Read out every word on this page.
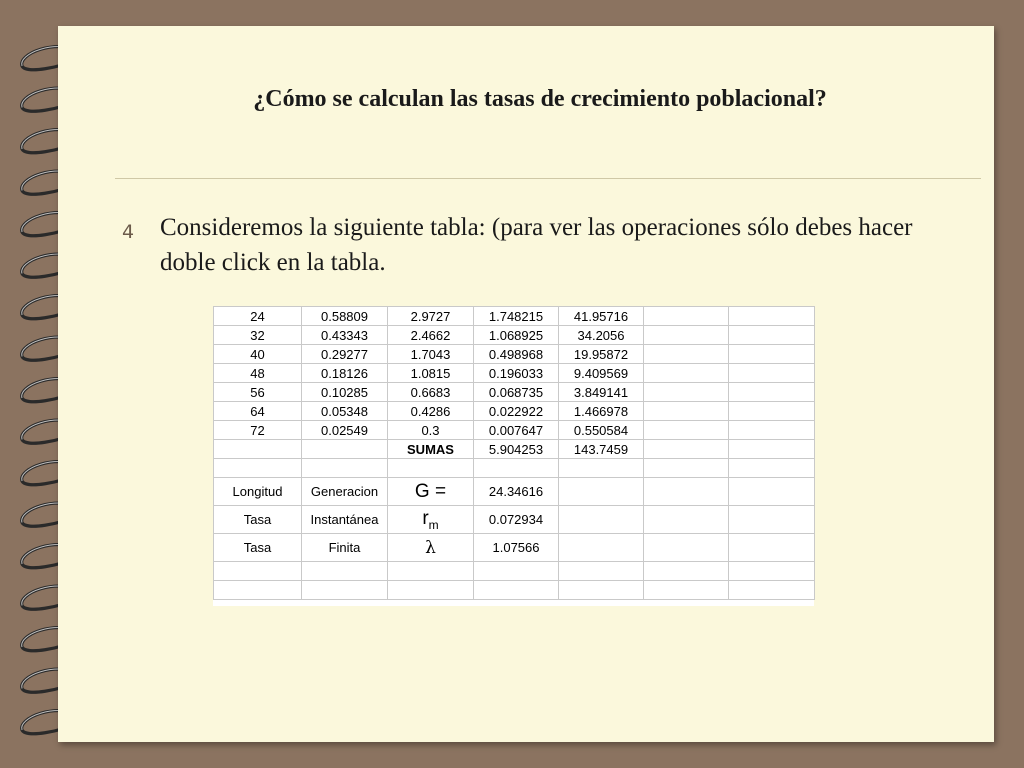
¿Cómo se calculan las tasas de crecimiento poblacional?
4	Consideremos la siguiente tabla: (para ver las operaciones sólo debes hacer doble click en la tabla.
24	0.58809	2.9727	1.748215	41.95716		
32	0.43343	2.4662	1.068925	34.2056		
40	0.29277	1.7043	0.498968	19.95872		
48	0.18126	1.0815	0.196033	9.409569		
56	0.10285	0.6683	0.068735	3.849141		
64	0.05348	0.4286	0.022922	1.466978		
72	0.02549	0.3	0.007647	0.550584		
		SUMAS	5.904253	143.7459		

Longitud	Generacion	G =	24.34616			
Tasa	Instantánea	$r_m$	0.072934			
Tasa	Finita	λ	1.07566			
